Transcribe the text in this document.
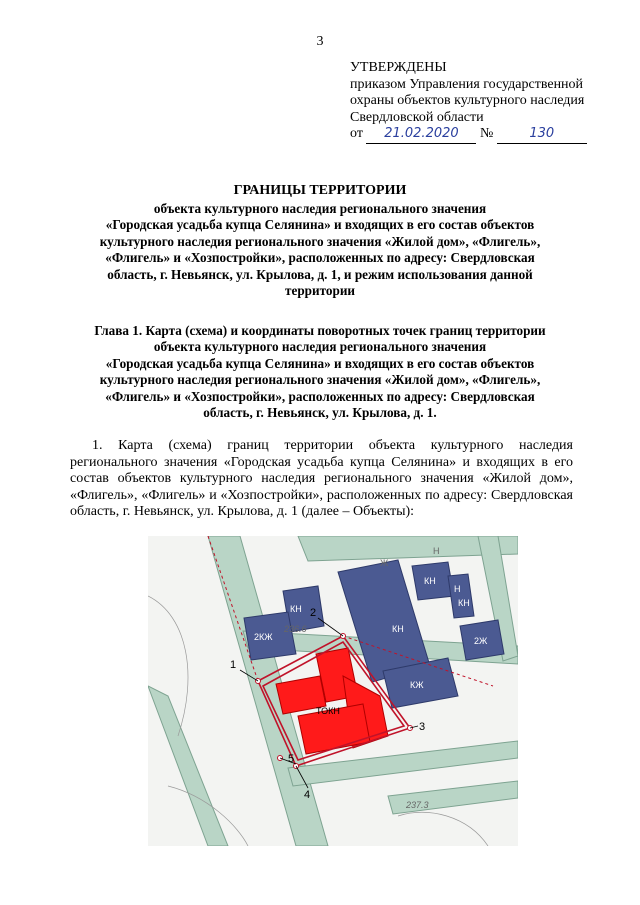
3
УТВЕРЖДЕНЫ
приказом Управления государственной
охраны объектов культурного наследия
Свердловской области
от 21.02.2020 №	130
ГРАНИЦЫ ТЕРРИТОРИИ
объекта культурного наследия регионального значения
«Городская усадьба купца Селянина» и входящих в его состав объектов
культурного наследия регионального значения «Жилой дом», «Флигель»,
«Флигель» и «Хозпостройки», расположенных по адресу: Свердловская
область, г. Невьянск, ул. Крылова, д. 1, и режим использования данной
территории
Глава 1. Карта (схема) и координаты поворотных точек границ территории
объекта культурного наследия регионального значения
«Городская усадьба купца Селянина» и входящих в его состав объектов
культурного наследия регионального значения «Жилой дом», «Флигель»,
«Флигель» и «Хозпостройки», расположенных по адресу: Свердловская
область, г. Невьянск, ул. Крылова, д. 1.

1. Карта (схема) границ территории объекта культурного наследия регионального значения «Городская усадьба купца Селянина» и входящих в его состав объектов культурного наследия регионального значения «Жилой дом», «Флигель», «Флигель» и «Хозпостройки», расположенных по адресу: Свердловская область, г. Невьянск, ул. Крылова, д. 1 (далее – Объекты):

КН
КН
КН
2КЖ
КЖ
2Ж
Н
КН
ТОКН
236.6
237.3
Н
Ж
1
2
3
4
5
